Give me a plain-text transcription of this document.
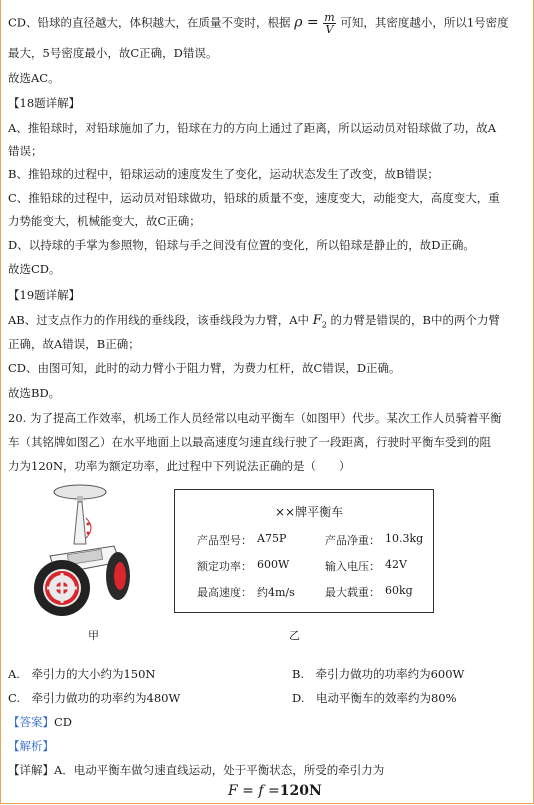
CD、铅球的直径越大，体积越大，在质量不变时，根据 $\rho = \frac{m}{V}$ 可知，其密度越小，所以1号密度
最大，5号密度最小，故C正确，D错误。
故选AC。
【18题详解】
A、推铅球时，对铅球施加了力，铅球在力的方向上通过了距离，所以运动员对铅球做了功，故A
错误；
B、推铅球的过程中，铅球运动的速度发生了变化，运动状态发生了改变，故B错误；
C、推铅球的过程中，运动员对铅球做功，铅球的质量不变，速度变大，动能变大，高度变大，重
力势能变大，机械能变大，故C正确；
D、以持球的手掌为参照物，铅球与手之间没有位置的变化，所以铅球是静止的，故D正确。
故选CD。
【19题详解】
AB、过支点作力的作用线的垂线段，该垂线段为力臂，A中 $F_2$ 的力臂是错误的，B中的两个力臂
正确，故A错误，B正确；
CD、由图可知，此时的动力臂小于阻力臂，为费力杠杆，故C错误，D正确。
故选BD。
20. 为了提高工作效率，机场工作人员经常以电动平衡车（如图甲）代步。某次工作人员骑着平衡
车（其铭牌如图乙）在水平地面上以最高速度匀速直线行驶了一段距离，行驶时平衡车受到的阻
力为120N，功率为额定功率，此过程中下列说法正确的是（　　）
甲
××牌平衡车
产品型号： A75P	产品净重： 10.3kg
额定功率： 600W	输入电压： 42V
最高速度： 约4m/s	最大载重： 60kg
乙
A.　牵引力的大小约为150N	B.　牵引力做功的功率约为600W
C.　牵引力做功的功率约为480W	D.　电动平衡车的效率约为80%
【答案】CD
【解析】
【详解】A．电动平衡车做匀速直线运动，处于平衡状态，所受的牵引力为
F = f =120N
